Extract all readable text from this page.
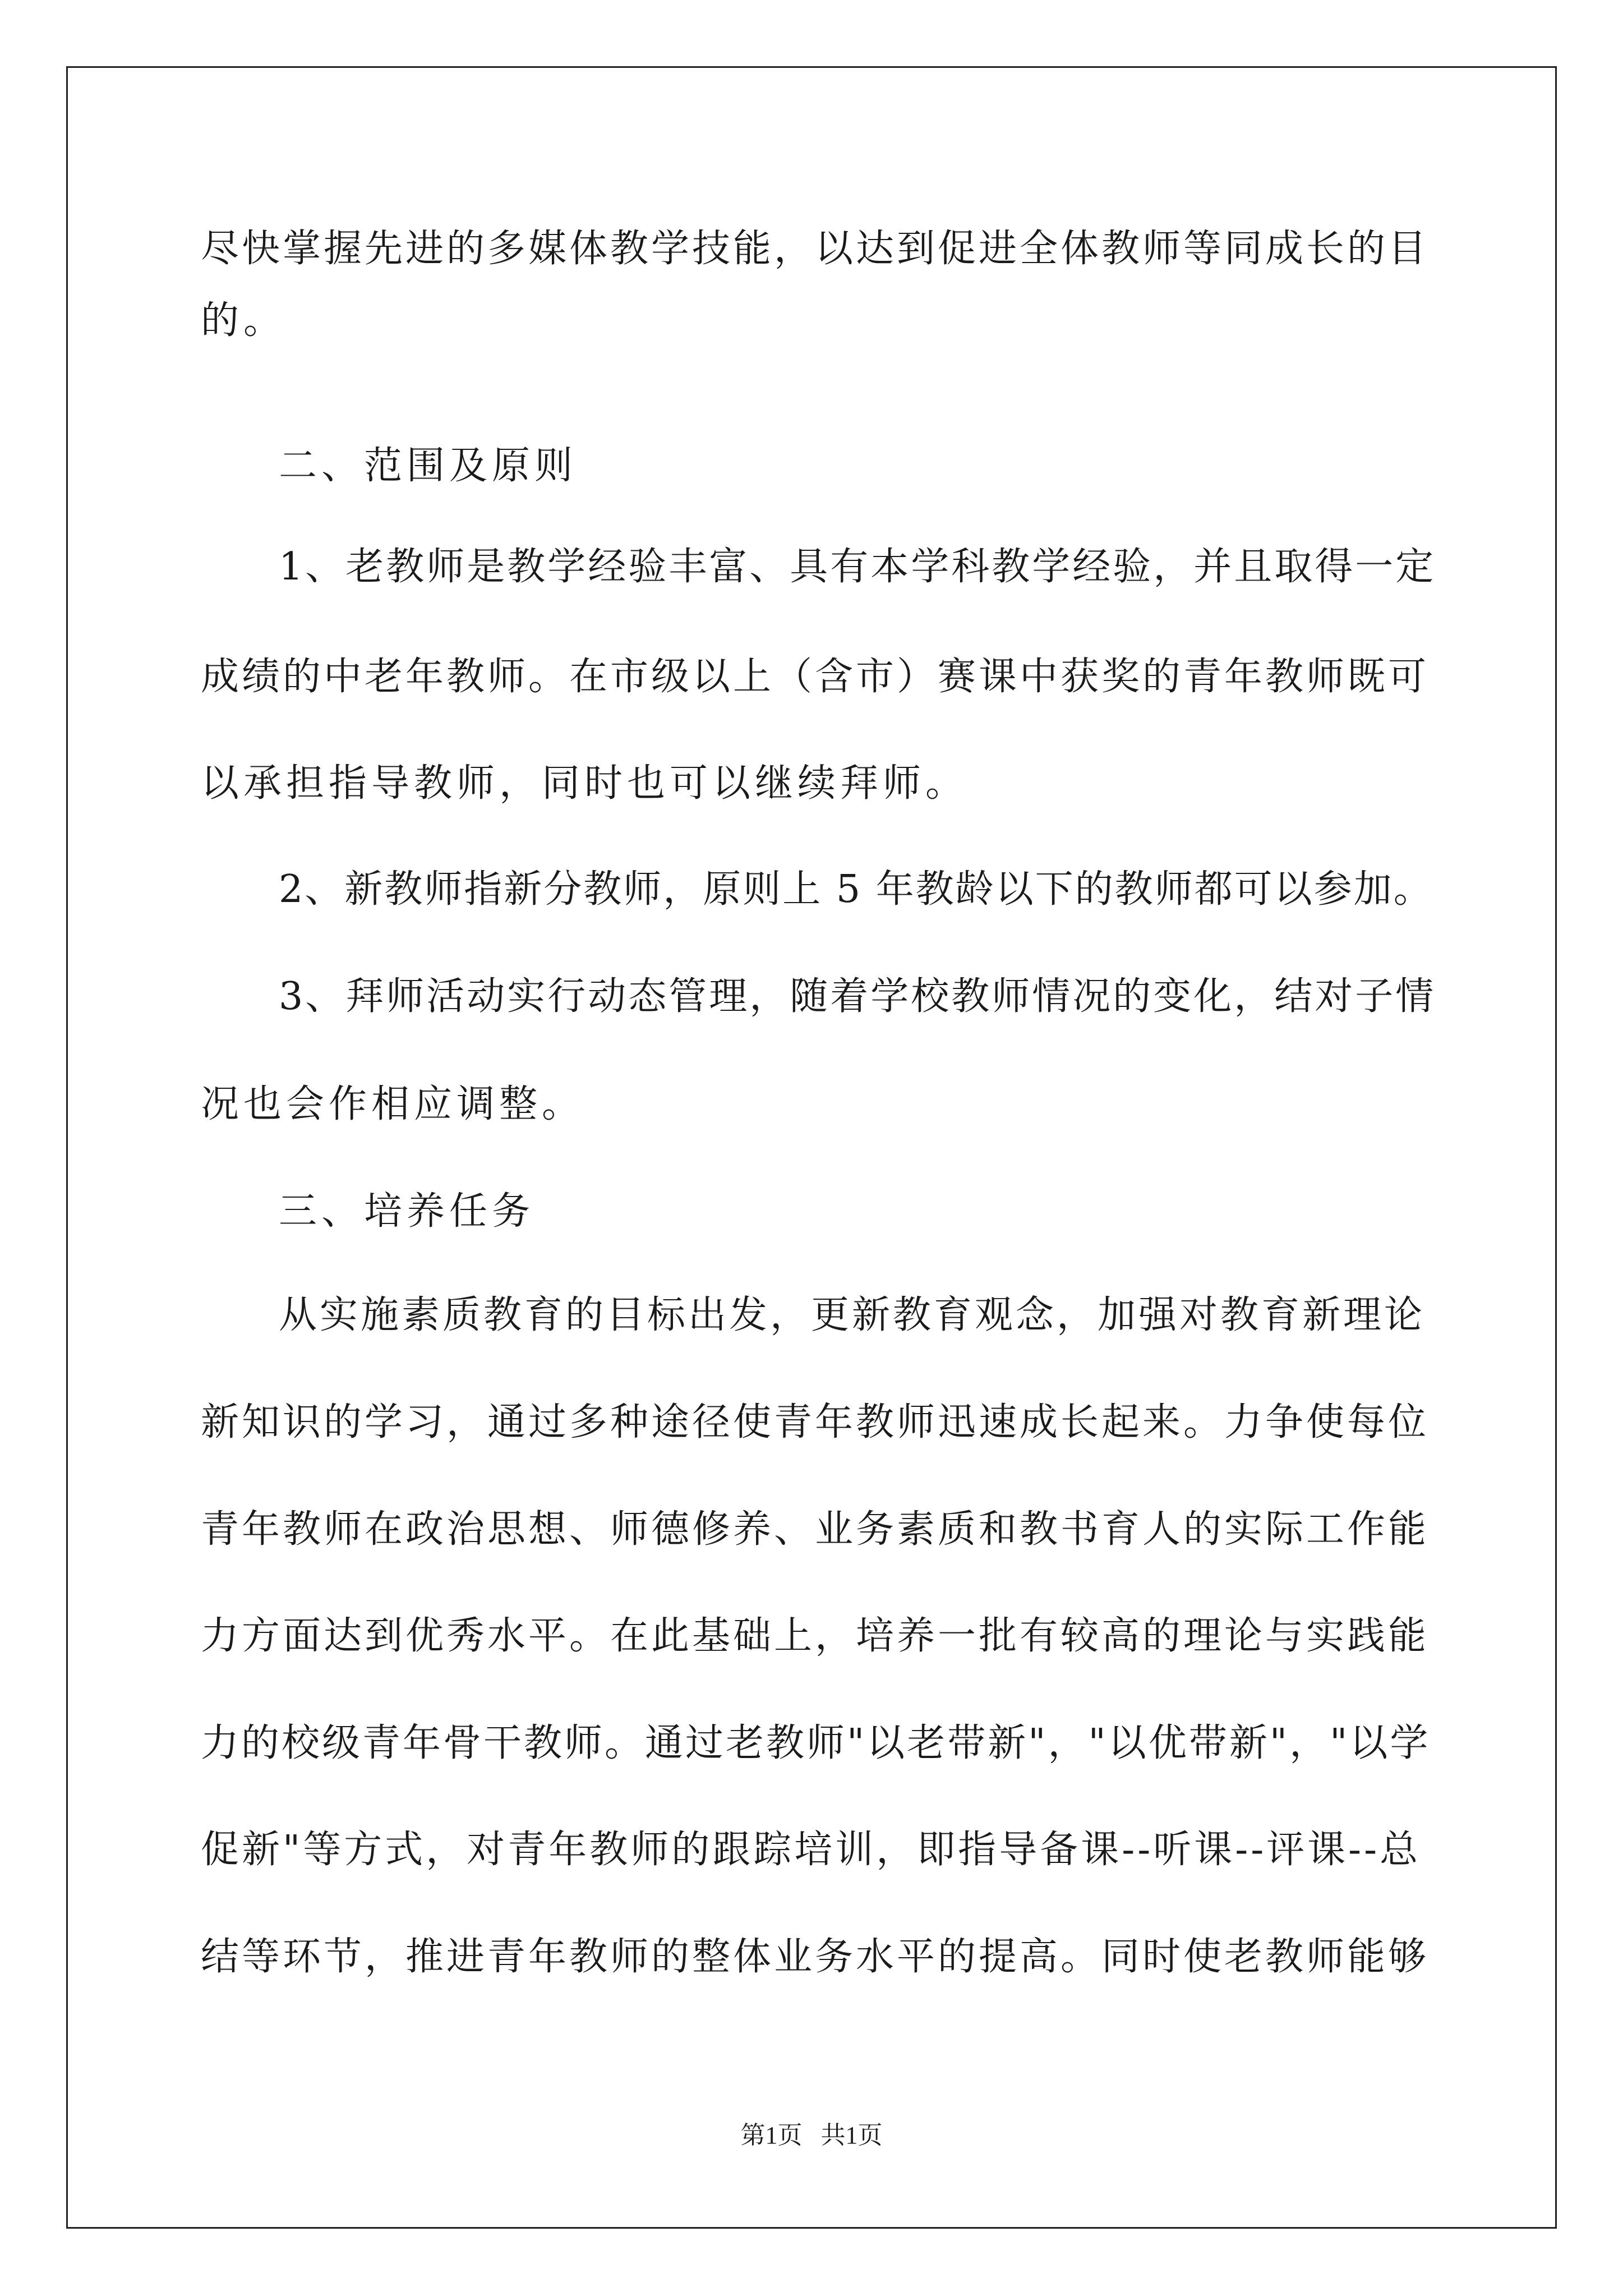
尽快掌握先进的多媒体教学技能，以达到促进全体教师等同成长的目
的。
二、范围及原则
1、老教师是教学经验丰富、具有本学科教学经验，并且取得一定
成绩的中老年教师。在市级以上（含市）赛课中获奖的青年教师既可
以承担指导教师，同时也可以继续拜师。
2、新教师指新分教师，原则上 5 年教龄以下的教师都可以参加。
3、拜师活动实行动态管理，随着学校教师情况的变化，结对子情
况也会作相应调整。
三、培养任务
从实施素质教育的目标出发，更新教育观念，加强对教育新理论
新知识的学习，通过多种途径使青年教师迅速成长起来。力争使每位
青年教师在政治思想、师德修养、业务素质和教书育人的实际工作能
力方面达到优秀水平。在此基础上，培养一批有较高的理论与实践能
力的校级青年骨干教师。通过老教师"以老带新"，"以优带新"，"以学
促新"等方式，对青年教师的跟踪培训，即指导备课--听课--评课--总
结等环节，推进青年教师的整体业务水平的提高。同时使老教师能够
第1页   共1页
